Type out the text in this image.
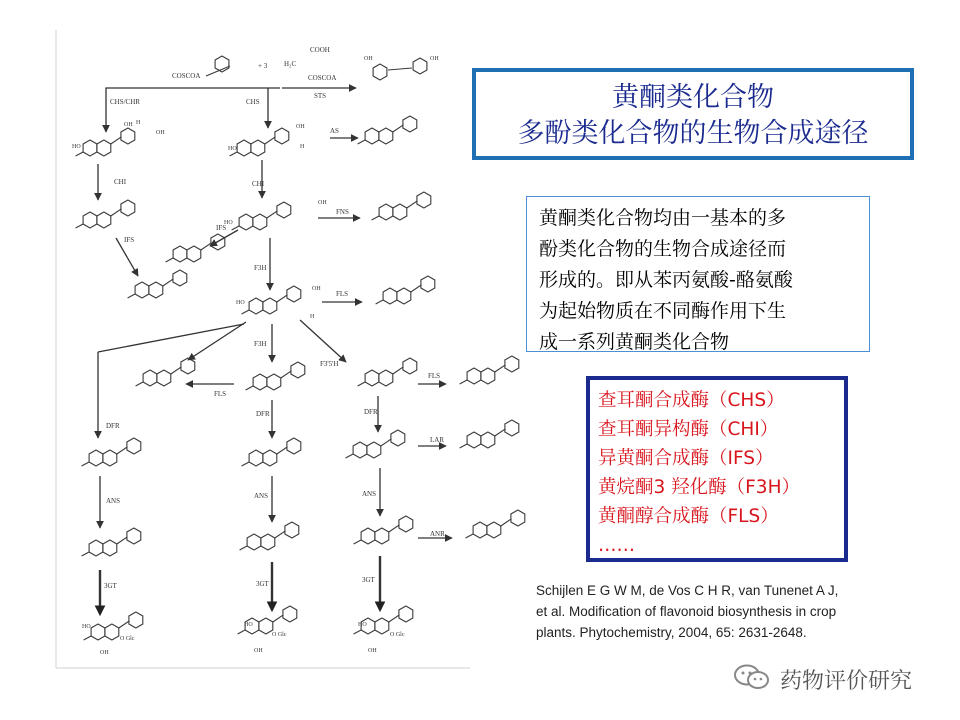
COSCOA
+ 3
COOH
H₂C
COSCOA
CHS/CHR	CHS
STS
AS
CHI	CHI
FNS
IFS
IFS
F3H
FLS
F3H
F3'5'H
FLS
FLS
DFR
DFR	DFR
LAR
ANS
ANS	ANS
ANR
3GT	3GT	3GT
HO
OH
OH
H
HO
OH
H
OH	OH
HO
OH
HO
OH
H
O Glc
O Glc	O Glc
HO
OH
HO
OH
HO
OH
黄酮类化合物
多酚类化合物的生物合成途径
黄酮类化合物均由一基本的多
酚类化合物的生物合成途径而
形成的。即从苯丙氨酸-酪氨酸
为起始物质在不同酶作用下生
成一系列黄酮类化合物
查耳酮合成酶（CHS）
查耳酮异构酶（CHI）
异黄酮合成酶（IFS）
黄烷酮3 羟化酶（F3H）
黄酮醇合成酶（FLS）
……
Schijlen E G W M, de Vos C H R, van Tunenet A J,
et al. Modification of flavonoid biosynthesis in crop
plants. Phytochemistry, 2004, 65: 2631-2648.
药物评价研究
